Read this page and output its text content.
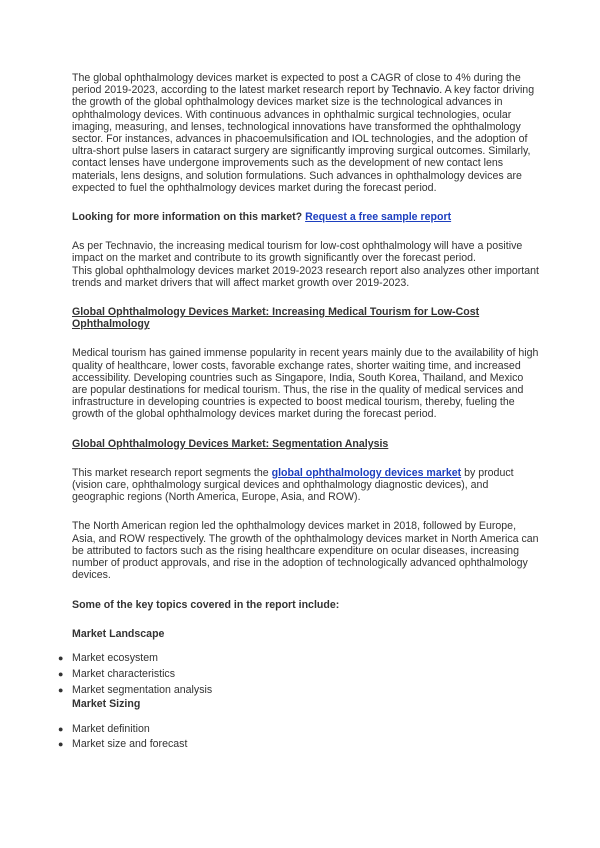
The global ophthalmology devices market is expected to post a CAGR of close to 4% during the period 2019-2023, according to the latest market research report by Technavio. A key factor driving the growth of the global ophthalmology devices market size is the technological advances in ophthalmology devices. With continuous advances in ophthalmic surgical technologies, ocular imaging, measuring, and lenses, technological innovations have transformed the ophthalmology sector. For instances, advances in phacoemulsification and IOL technologies, and the adoption of ultra-short pulse lasers in cataract surgery are significantly improving surgical outcomes. Similarly, contact lenses have undergone improvements such as the development of new contact lens materials, lens designs, and solution formulations. Such advances in ophthalmology devices are expected to fuel the ophthalmology devices market during the forecast period.

Looking for more information on this market? Request a free sample report

As per Technavio, the increasing medical tourism for low-cost ophthalmology will have a positive impact on the market and contribute to its growth significantly over the forecast period.
This global ophthalmology devices market 2019-2023 research report also analyzes other important trends and market drivers that will affect market growth over 2019-2023.

Global Ophthalmology Devices Market: Increasing Medical Tourism for Low-Cost Ophthalmology

Medical tourism has gained immense popularity in recent years mainly due to the availability of high quality of healthcare, lower costs, favorable exchange rates, shorter waiting time, and increased accessibility. Developing countries such as Singapore, India, South Korea, Thailand, and Mexico are popular destinations for medical tourism. Thus, the rise in the quality of medical services and infrastructure in developing countries is expected to boost medical tourism, thereby, fueling the growth of the global ophthalmology devices market during the forecast period.

Global Ophthalmology Devices Market: Segmentation Analysis

This market research report segments the global ophthalmology devices market by product (vision care, ophthalmology surgical devices and ophthalmology diagnostic devices), and geographic regions (North America, Europe, Asia, and ROW).

The North American region led the ophthalmology devices market in 2018, followed by Europe, Asia, and ROW respectively. The growth of the ophthalmology devices market in North America can be attributed to factors such as the rising healthcare expenditure on ocular diseases, increasing number of product approvals, and rise in the adoption of technologically advanced ophthalmology devices.

Some of the key topics covered in the report include:

Market Landscape

● Market ecosystem
● Market characteristics
● Market segmentation analysis

Market Sizing

● Market definition
● Market size and forecast
